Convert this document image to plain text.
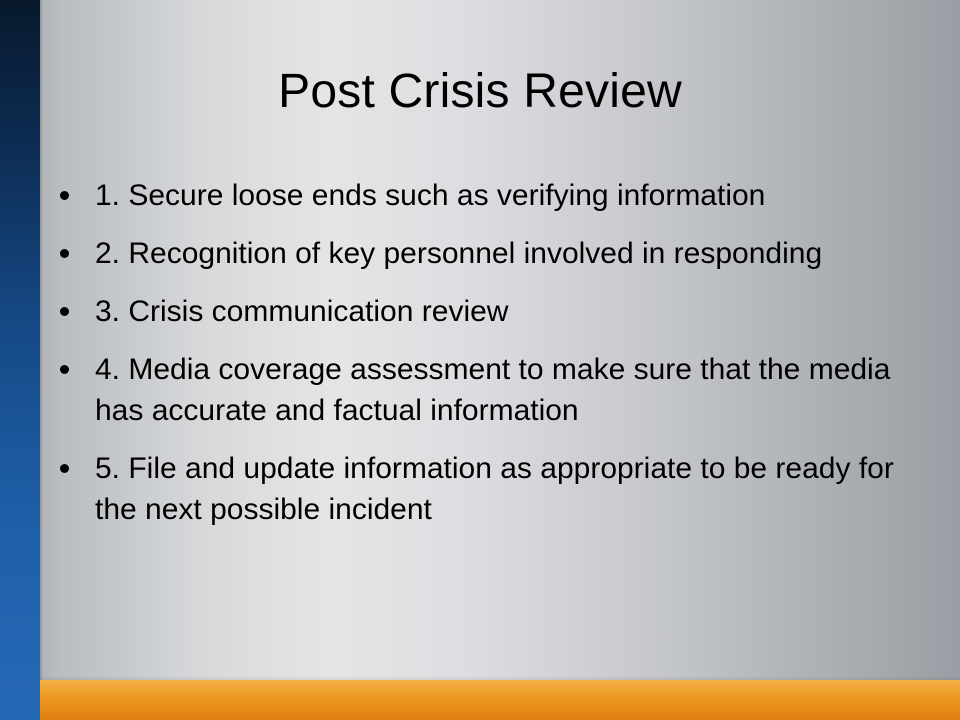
Post Crisis Review
1. Secure loose ends such as verifying information
2. Recognition of key personnel involved in responding
3. Crisis communication review
4. Media coverage assessment to make sure that the media has accurate and factual information
5. File and update information as appropriate to be ready for the next possible incident
